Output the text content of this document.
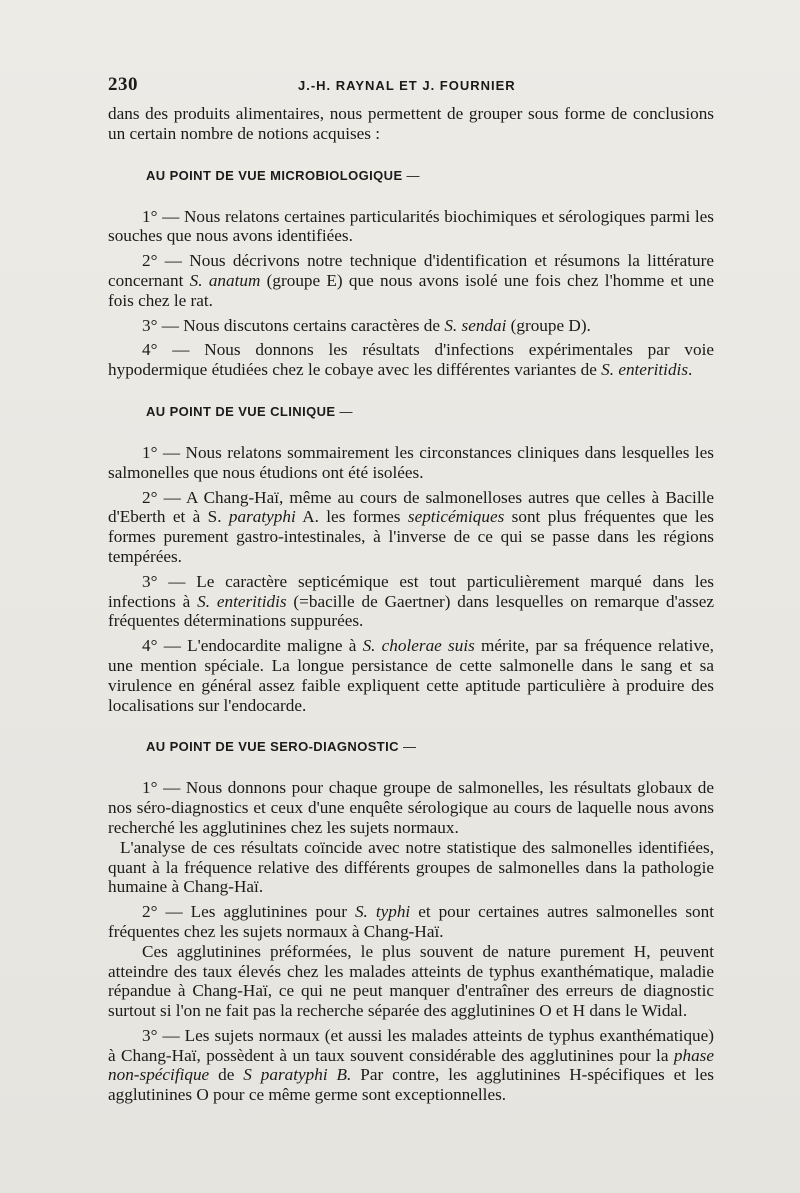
230	J.-H. RAYNAL ET J. FOURNIER

dans des produits alimentaires, nous permettent de grouper sous forme de conclusions un certain nombre de notions acquises :

AU POINT DE VUE MICROBIOLOGIQUE —

1° — Nous relatons certaines particularités biochimiques et sérologiques parmi les souches que nous avons identifiées.

2° — Nous décrivons notre technique d'identification et résumons la littérature concernant S. anatum (groupe E) que nous avons isolé une fois chez l'homme et une fois chez le rat.

3° — Nous discutons certains caractères de S. sendai (groupe D).

4° — Nous donnons les résultats d'infections expérimentales par voie hypodermique étudiées chez le cobaye avec les différentes variantes de S. enteritidis.

AU POINT DE VUE CLINIQUE —

1° — Nous relatons sommairement les circonstances cliniques dans lesquelles les salmonelles que nous étudions ont été isolées.

2° — A Chang-Haï, même au cours de salmonelloses autres que celles à Bacille d'Eberth et à S. paratyphi A. les formes septicémiques sont plus fréquentes que les formes purement gastro-intestinales, à l'inverse de ce qui se passe dans les régions tempérées.

3° — Le caractère septicémique est tout particulièrement marqué dans les infections à S. enteritidis (=bacille de Gaertner) dans lesquelles on remarque d'assez fréquentes déterminations suppurées.

4° — L'endocardite maligne à S. cholerae suis mérite, par sa fréquence relative, une mention spéciale. La longue persistance de cette salmonelle dans le sang et sa virulence en général assez faible expliquent cette aptitude particulière à produire des localisations sur l'endocarde.

AU POINT DE VUE SERO-DIAGNOSTIC —

1° — Nous donnons pour chaque groupe de salmonelles, les résultats globaux de nos séro-diagnostics et ceux d'une enquête sérologique au cours de laquelle nous avons recherché les agglutinines chez les sujets normaux.

L'analyse de ces résultats coïncide avec notre statistique des salmonelles identifiées, quant à la fréquence relative des différents groupes de salmonelles dans la pathologie humaine à Chang-Haï.

2° — Les agglutinines pour S. typhi et pour certaines autres salmonelles sont fréquentes chez les sujets normaux à Chang-Haï.

Ces agglutinines préformées, le plus souvent de nature purement H, peuvent atteindre des taux élevés chez les malades atteints de typhus exanthématique, maladie répandue à Chang-Haï, ce qui ne peut manquer d'entraîner des erreurs de diagnostic surtout si l'on ne fait pas la recherche séparée des agglutinines O et H dans le Widal.

3° — Les sujets normaux (et aussi les malades atteints de typhus exanthématique) à Chang-Haï, possèdent à un taux souvent considérable des agglutinines pour la phase non-spécifique de S paratyphi B. Par contre, les agglutinines H-spécifiques et les agglutinines O pour ce même germe sont exceptionnelles.
